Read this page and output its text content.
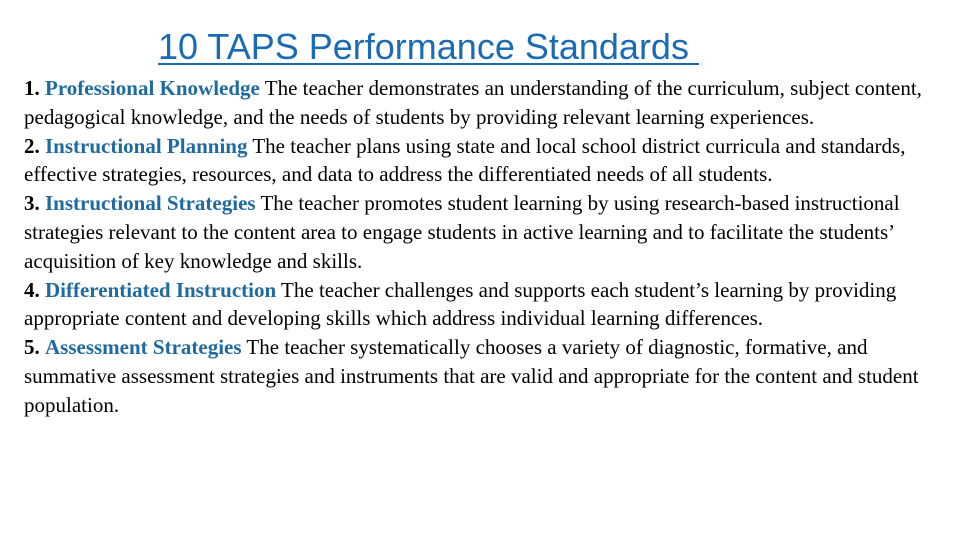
10 TAPS Performance Standards

1. Professional Knowledge The teacher demonstrates an understanding of the curriculum, subject content, pedagogical knowledge, and the needs of students by providing relevant learning experiences.

2. Instructional Planning The teacher plans using state and local school district curricula and standards, effective strategies, resources, and data to address the differentiated needs of all students.

3. Instructional Strategies The teacher promotes student learning by using research-based instructional strategies relevant to the content area to engage students in active learning and to facilitate the students’ acquisition of key knowledge and skills.

4. Differentiated Instruction The teacher challenges and supports each student’s learning by providing appropriate content and developing skills which address individual learning differences.

5. Assessment Strategies The teacher systematically chooses a variety of diagnostic, formative, and summative assessment strategies and instruments that are valid and appropriate for the content and student population.
